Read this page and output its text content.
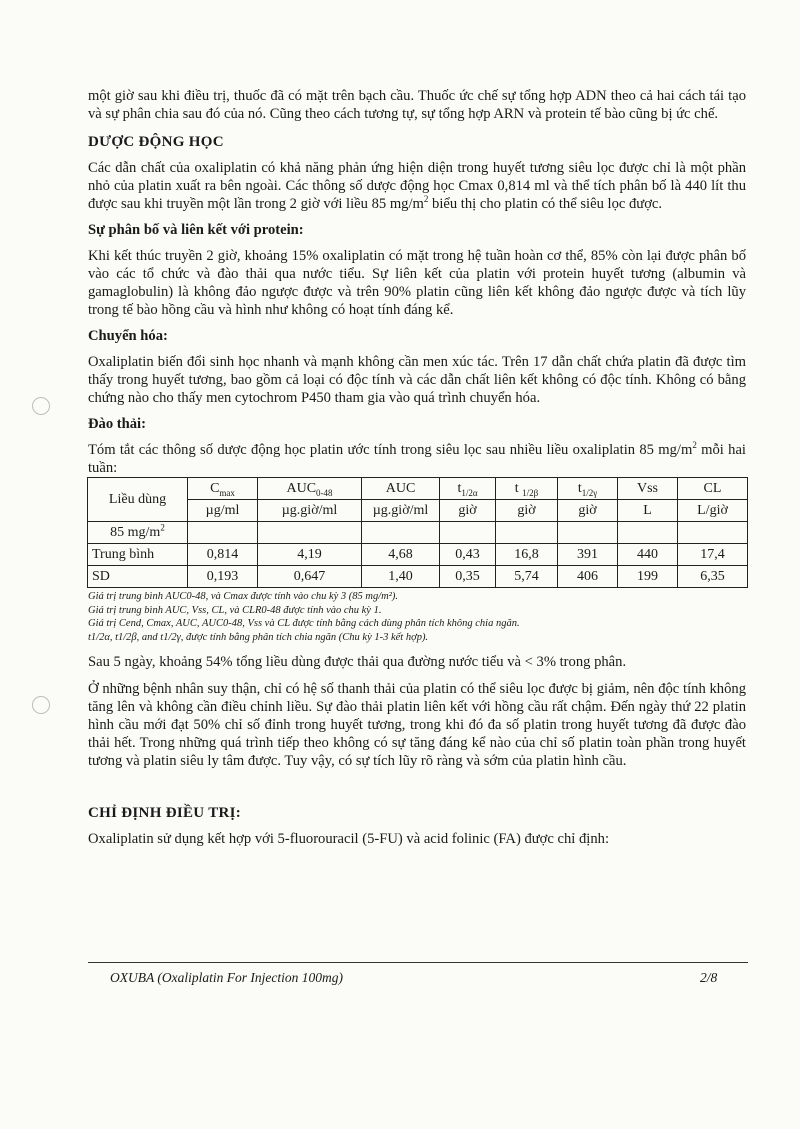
một giờ sau khi điều trị, thuốc đã có mặt trên bạch cầu. Thuốc ức chế sự tổng hợp ADN theo cả hai cách tái tạo và sự phân chia sau đó của nó. Cũng theo cách tương tự, sự tổng hợp ARN và protein tế bào cũng bị ức chế.

DƯỢC ĐỘNG HỌC

Các dẫn chất của oxaliplatin có khả năng phản ứng hiện diện trong huyết tương siêu lọc được chỉ là một phần nhỏ của platin xuất ra bên ngoài. Các thông số dược động học Cmax 0,814 ml và thể tích phân bố là 440 lít thu được sau khi truyền một lần trong 2 giờ với liều 85 $mg/m^2$ biểu thị cho platin có thể siêu lọc được.

Sự phân bố và liên kết với protein:

Khi kết thúc truyền 2 giờ, khoảng 15% oxaliplatin có mặt trong hệ tuần hoàn cơ thể, 85% còn lại được phân bố vào các tổ chức và đào thải qua nước tiểu. Sự liên kết của platin với protein huyết tương (albumin và gamaglobulin) là không đảo ngược được và trên 90% platin cũng liên kết không đảo ngược được và tích lũy trong tế bào hồng cầu và hình như không có hoạt tính đáng kể.

Chuyển hóa:

Oxaliplatin biến đổi sinh học nhanh và mạnh không cần men xúc tác. Trên 17 dẫn chất chứa platin đã được tìm thấy trong huyết tương, bao gồm cả loại có độc tính và các dẫn chất liên kết không có độc tính. Không có bằng chứng nào cho thấy men cytochrom P450 tham gia vào quá trình chuyển hóa.

Đào thải:

Tóm tắt các thông số dược động học platin ước tính trong siêu lọc sau nhiều liều oxaliplatin 85 $mg/m^2$ mỗi hai tuần:

Liều dùng	$C_{max}$	$AUC_{0-48}$	AUC	$t_{1/2\alpha}$	t $_{1/2\beta}$	$t_{1/2\gamma}$	Vss	CL
	µg/ml	µg.giờ/ml	µg.giờ/ml	giờ	giờ	giờ	L	L/giờ
85 $mg/m^2$								
Trung bình	0,814	4,19	4,68	0,43	16,8	391	440	17,4
SD	0,193	0,647	1,40	0,35	5,74	406	199	6,35

Giá trị trung bình AUC0-48, và Cmax được tính vào chu kỳ 3 (85 mg/m²).

Giá trị trung bình AUC, Vss, CL, và CLR0-48 được tính vào chu kỳ 1.

Giá trị Cend, Cmax, AUC, AUC0-48, Vss và CL được tính bằng cách dùng phân tích không chia ngăn.

t1/2α, t1/2β, and t1/2γ, được tính bằng phân tích chia ngăn (Chu kỳ 1-3 kết hợp).

Sau 5 ngày, khoảng 54% tổng liều dùng được thải qua đường nước tiểu và < 3% trong phân.

Ở những bệnh nhân suy thận, chỉ có hệ số thanh thải của platin có thể siêu lọc được bị giảm, nên độc tính không tăng lên và không cần điều chỉnh liều. Sự đào thải platin liên kết với hồng cầu rất chậm. Đến ngày thứ 22 platin hình cầu mới đạt 50% chỉ số đỉnh trong huyết tương, trong khi đó đa số platin trong huyết tương đã được đào thải hết. Trong những quá trình tiếp theo không có sự tăng đáng kể nào của chỉ số platin toàn phần trong huyết tương và platin siêu ly tâm được. Tuy vậy, có sự tích lũy rõ ràng và sớm của platin hình cầu.

CHỈ ĐỊNH ĐIỀU TRỊ:

Oxaliplatin sử dụng kết hợp với 5-fluorouracil (5-FU) và acid folinic (FA) được chỉ định:

OXUBA (Oxaliplatin For Injection 100mg)	2/8
